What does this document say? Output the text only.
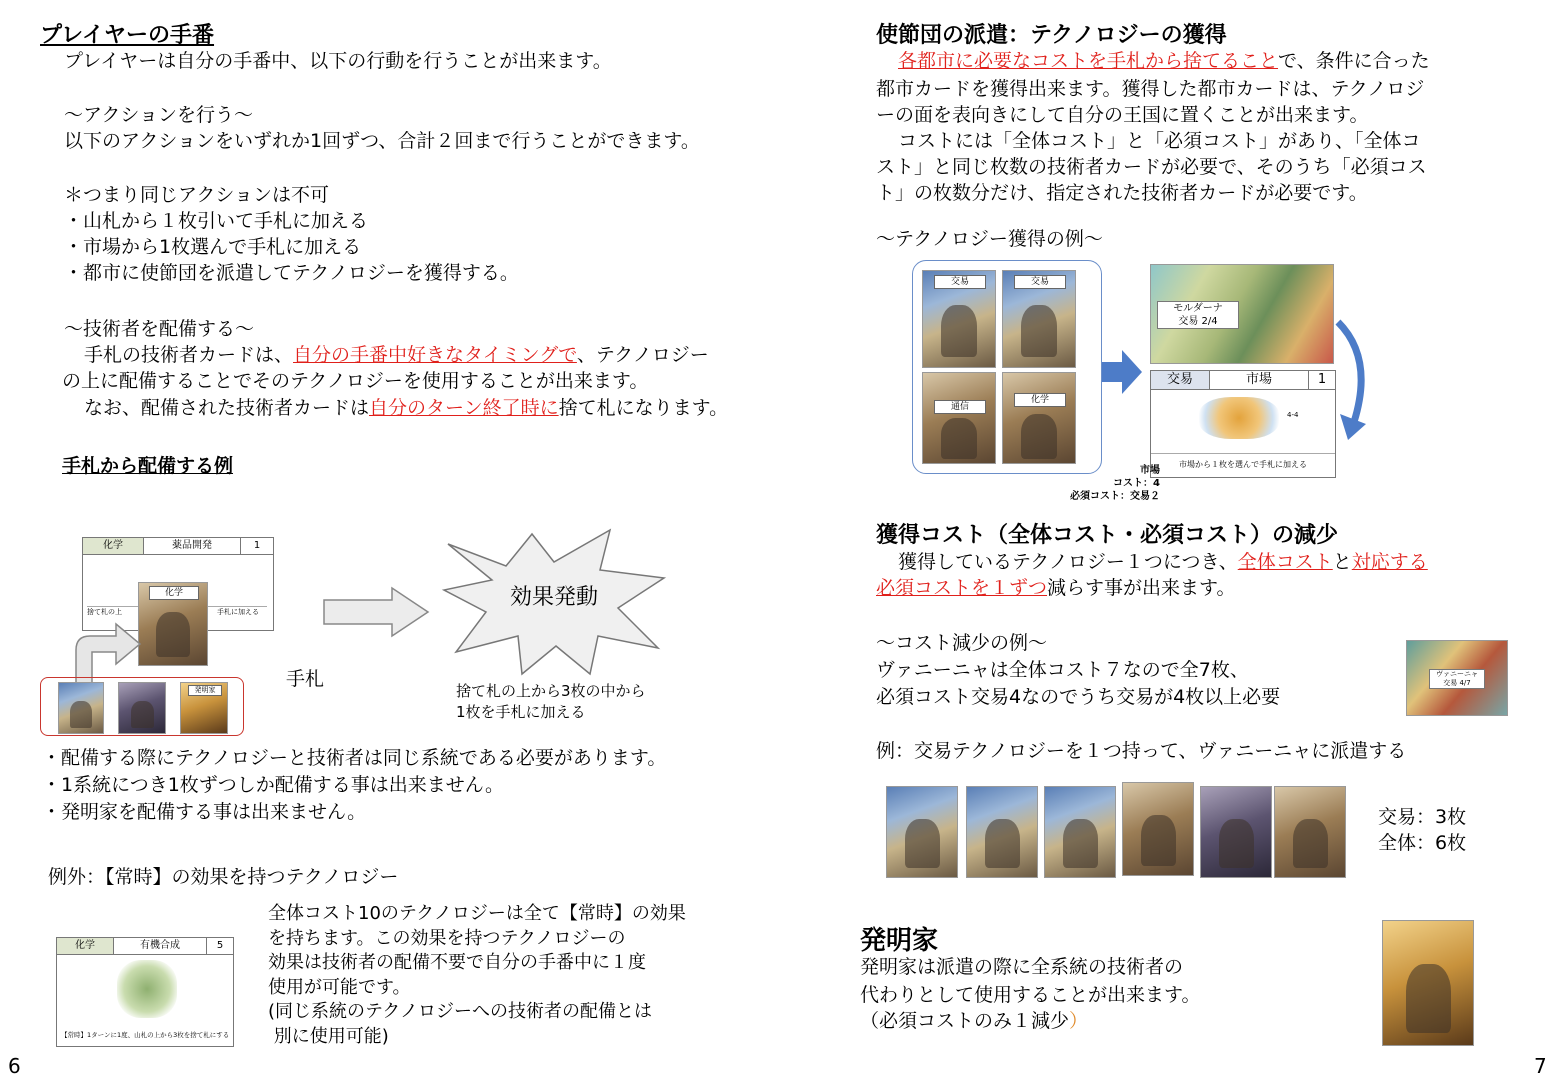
プレイヤーの手番
プレイヤーは自分の手番中、以下の行動を行うことが出来ます。
～アクションを行う～
以下のアクションをいずれか1回ずつ、合計２回まで行うことができます。
＊つまり同じアクションは不可
・山札から１枚引いて手札に加える
・市場から1枚選んで手札に加える
・都市に使節団を派遣してテクノロジーを獲得する。
～技術者を配備する～
手札の技術者カードは、自分の手番中好きなタイミングで、テクノロジー
の上に配備することでそのテクノロジーを使用することが出来ます。
なお、配備された技術者カードは自分のターン終了時に捨て札になります。
手札から配備する例
化学	薬品開発	1
捨て札の上	手札に加える
化学
発明家	手札
効果発動
捨て札の上から3枚の中から
1枚を手札に加える
・配備する際にテクノロジーと技術者は同じ系統である必要があります。
・1系統につき1枚ずつしか配備する事は出来ません。
・発明家を配備する事は出来ません。
例外：【常時】の効果を持つテクノロジー
化学	有機合成	5
【常時】1ターンに1度、山札の上から3枚を捨て札にする
全体コスト10のテクノロジーは全て【常時】の効果
を持ちます。この効果を持つテクノロジーの
効果は技術者の配備不要で自分の手番中に１度
使用が可能です。
(同じ系統のテクノロジーへの技術者の配備とは
別に使用可能)
6
使節団の派遣：テクノロジーの獲得
各都市に必要なコストを手札から捨てることで、条件に合った
都市カードを獲得出来ます。獲得した都市カードは、テクノロジ
ーの面を表向きにして自分の王国に置くことが出来ます。
コストには「全体コスト」と「必須コスト」があり、「全体コ
スト」と同じ枚数の技術者カードが必要で、そのうち「必須コス
ト」の枚数分だけ、指定された技術者カードが必要です。
～テクノロジー獲得の例～
交易	交易
通信
化学
モルダーナ
交易 2/4
交易	市場	1
4-4
市場から１枚を選んで手札に加える
市場
コスト：4
必須コスト：交易２
獲得コスト（全体コスト・必須コスト）の減少
獲得しているテクノロジー１つにつき、全体コストと対応する
必須コストを１ずつ減らす事が出来ます。
～コスト減少の例～
ヴァニーニャは全体コスト７なので全7枚、
必須コスト交易4なのでうち交易が4枚以上必要
ヴァニーニャ
交易 4/7
例：交易テクノロジーを１つ持って、ヴァニーニャに派遣する
交易：3枚
全体：6枚
発明家
発明家は派遣の際に全系統の技術者の
代わりとして使用することが出来ます。
（必須コストのみ１減少）
7
